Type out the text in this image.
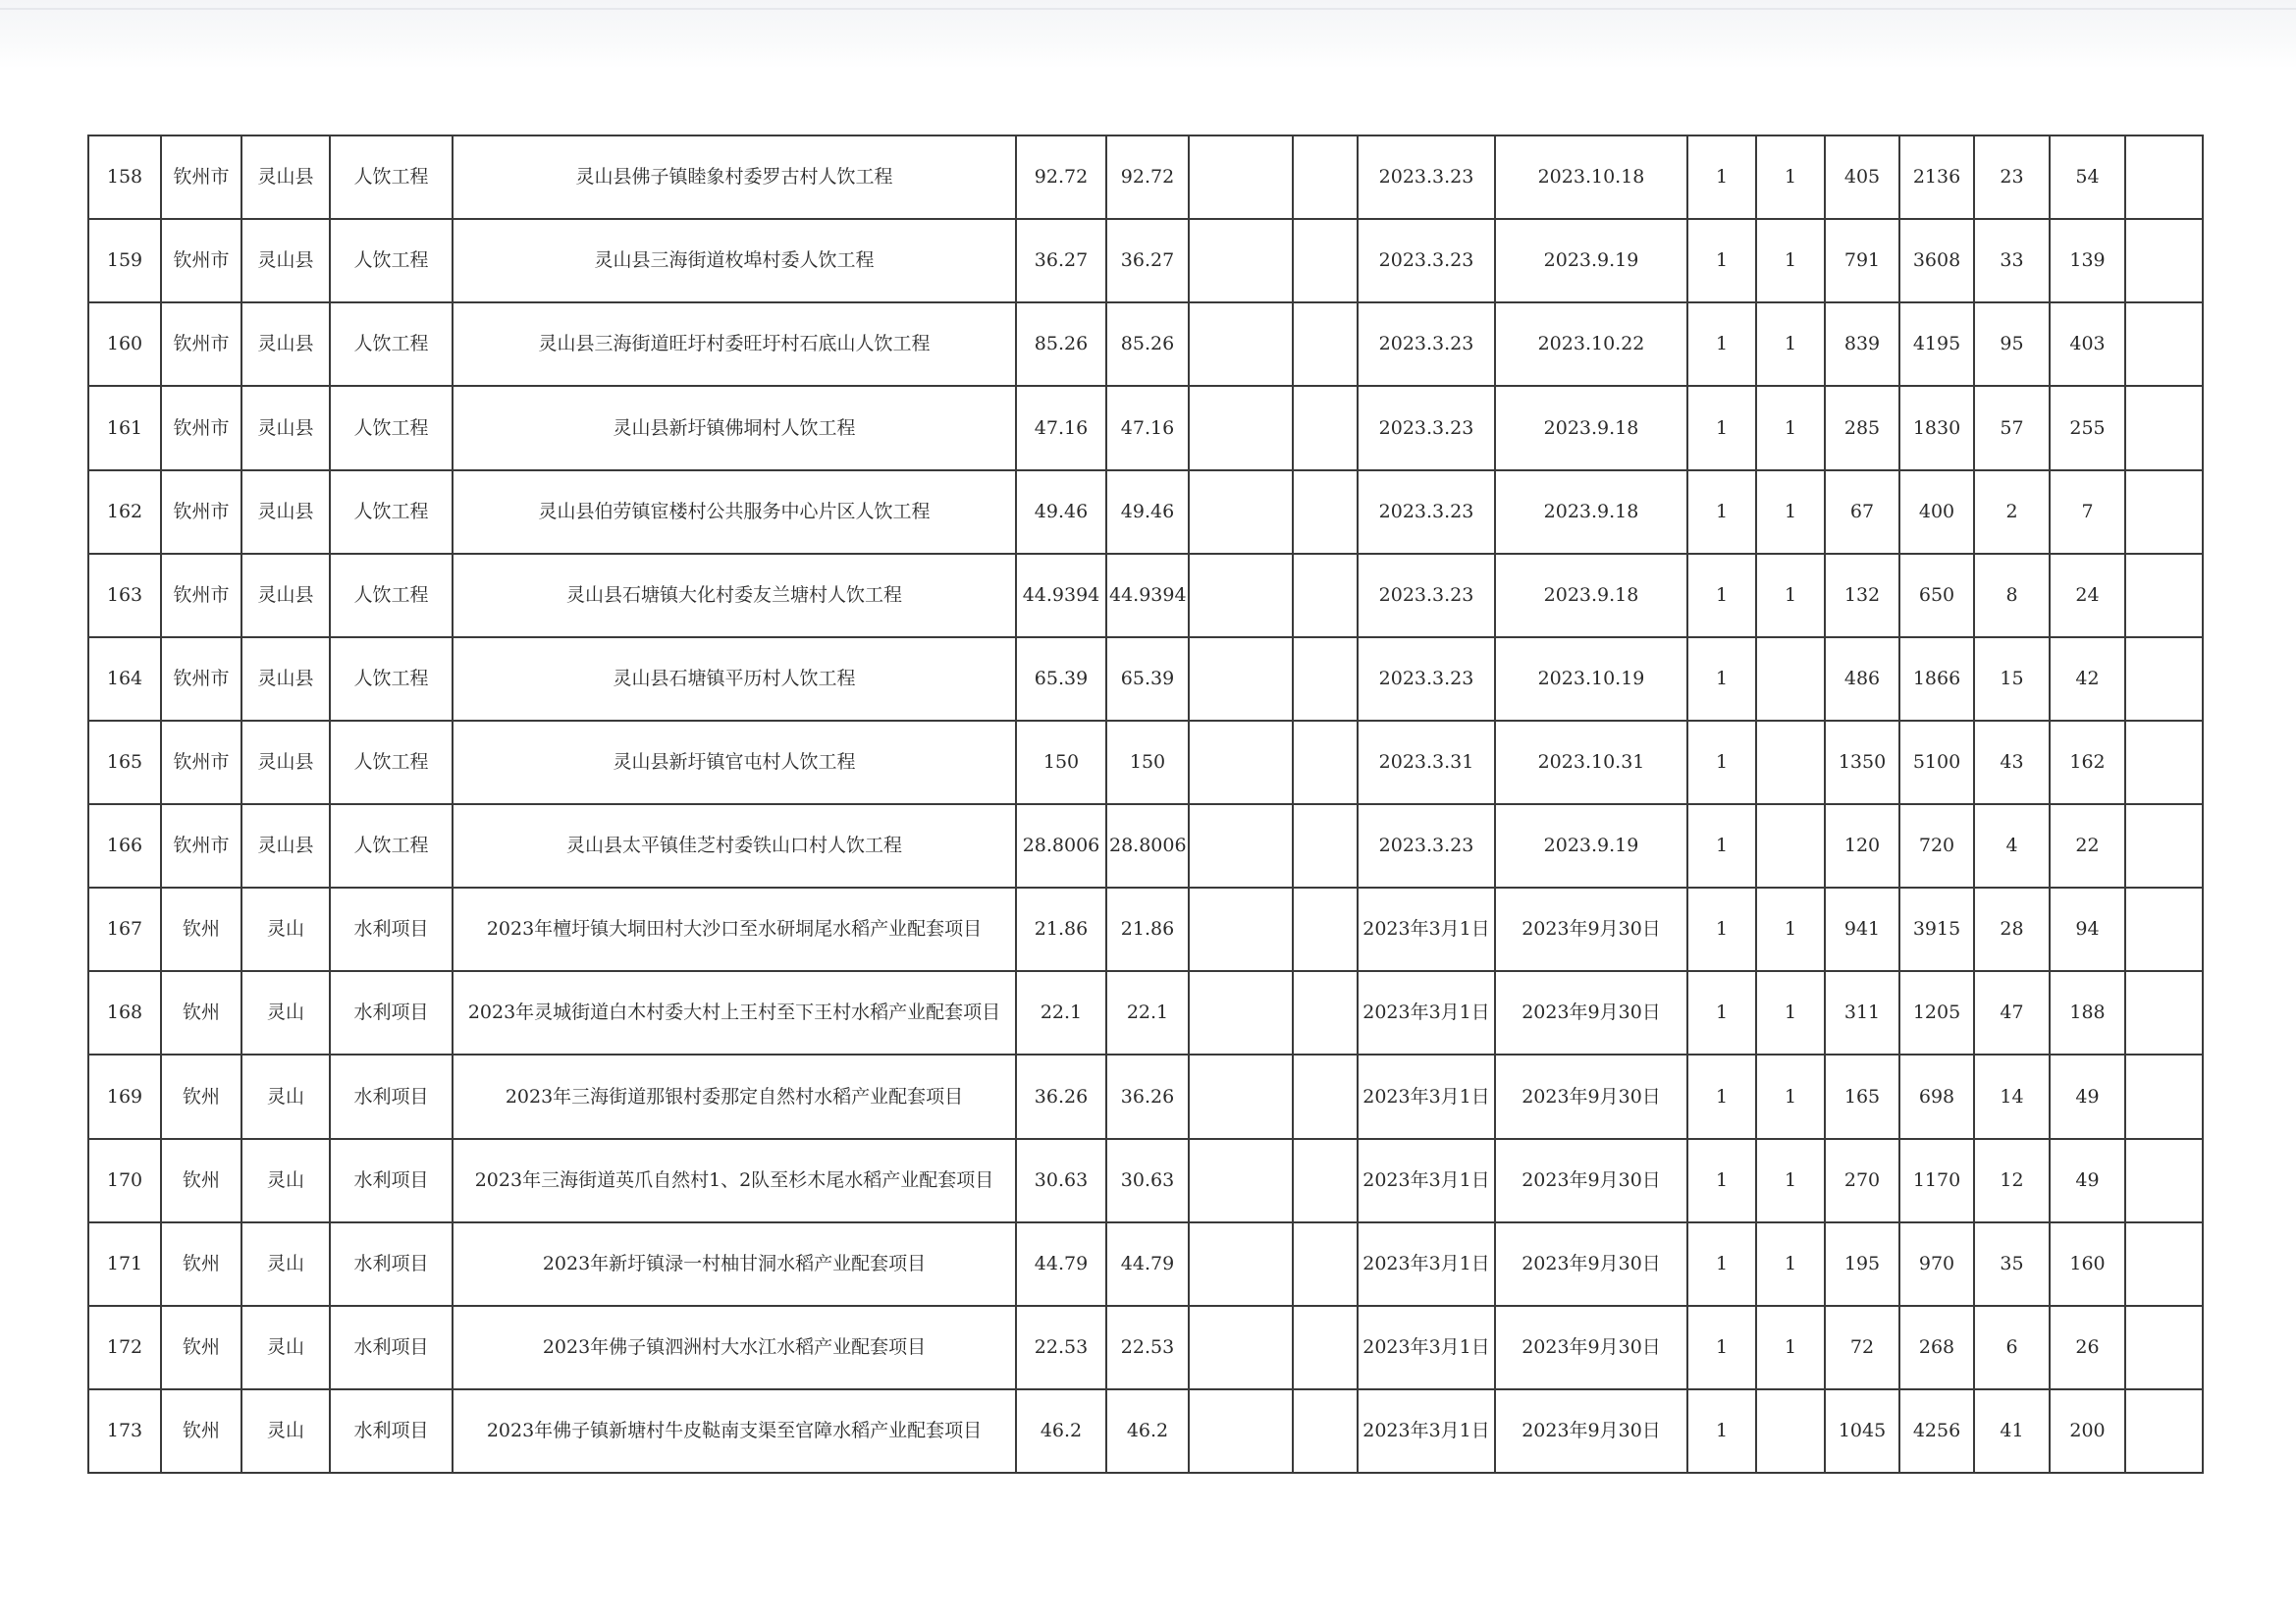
158	钦州市	灵山县	人饮工程	灵山县佛子镇睦象村委罗古村人饮工程	92.72	92.72			2023.3.23	2023.10.18	1	1	405	2136	23	54	
159	钦州市	灵山县	人饮工程	灵山县三海街道枚埠村委人饮工程	36.27	36.27			2023.3.23	2023.9.19	1	1	791	3608	33	139	
160	钦州市	灵山县	人饮工程	灵山县三海街道旺圩村委旺圩村石底山人饮工程	85.26	85.26			2023.3.23	2023.10.22	1	1	839	4195	95	403	
161	钦州市	灵山县	人饮工程	灵山县新圩镇佛垌村人饮工程	47.16	47.16			2023.3.23	2023.9.18	1	1	285	1830	57	255	
162	钦州市	灵山县	人饮工程	灵山县伯劳镇宦楼村公共服务中心片区人饮工程	49.46	49.46			2023.3.23	2023.9.18	1	1	67	400	2	7	
163	钦州市	灵山县	人饮工程	灵山县石塘镇大化村委友兰塘村人饮工程	44.9394	44.9394			2023.3.23	2023.9.18	1	1	132	650	8	24	
164	钦州市	灵山县	人饮工程	灵山县石塘镇平历村人饮工程	65.39	65.39			2023.3.23	2023.10.19	1		486	1866	15	42	
165	钦州市	灵山县	人饮工程	灵山县新圩镇官屯村人饮工程	150	150			2023.3.31	2023.10.31	1		1350	5100	43	162	
166	钦州市	灵山县	人饮工程	灵山县太平镇佳芝村委铁山口村人饮工程	28.8006	28.8006			2023.3.23	2023.9.19	1		120	720	4	22	
167	钦州	灵山	水利项目	2023年檀圩镇大垌田村大沙口至水研垌尾水稻产业配套项目	21.86	21.86			2023年3月1日	2023年9月30日	1	1	941	3915	28	94	
168	钦州	灵山	水利项目	2023年灵城街道白木村委大村上王村至下王村水稻产业配套项目	22.1	22.1			2023年3月1日	2023年9月30日	1	1	311	1205	47	188	
169	钦州	灵山	水利项目	2023年三海街道那银村委那定自然村水稻产业配套项目	36.26	36.26			2023年3月1日	2023年9月30日	1	1	165	698	14	49	
170	钦州	灵山	水利项目	2023年三海街道英爪自然村1、2队至杉木尾水稻产业配套项目	30.63	30.63			2023年3月1日	2023年9月30日	1	1	270	1170	12	49	
171	钦州	灵山	水利项目	2023年新圩镇渌一村柚甘洞水稻产业配套项目	44.79	44.79			2023年3月1日	2023年9月30日	1	1	195	970	35	160	
172	钦州	灵山	水利项目	2023年佛子镇泗洲村大水江水稻产业配套项目	22.53	22.53			2023年3月1日	2023年9月30日	1	1	72	268	6	26	
173	钦州	灵山	水利项目	2023年佛子镇新塘村牛皮鞑南支渠至官障水稻产业配套项目	46.2	46.2			2023年3月1日	2023年9月30日	1		1045	4256	41	200	
